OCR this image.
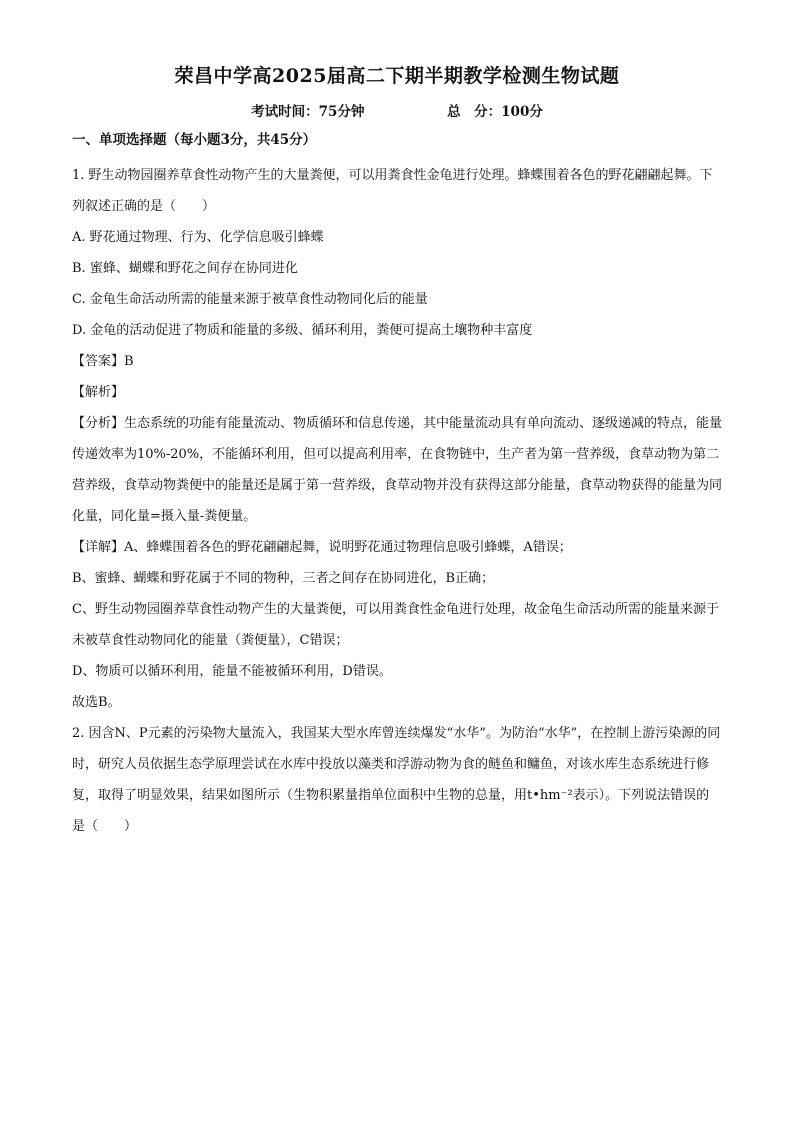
荣昌中学高2025届高二下期半期教学检测生物试题
考试时间：75分钟	总　分：100分
一、单项选择题（每小题3分，共45分）

1. 野生动物园圈养草食性动物产生的大量粪便，可以用粪食性金龟进行处理。蜂蝶围着各色的野花翩翩起舞。下列叙述正确的是（　　）

A. 野花通过物理、行为、化学信息吸引蜂蝶

B. 蜜蜂、蝴蝶和野花之间存在协同进化

C. 金龟生命活动所需的能量来源于被草食性动物同化后的能量

D. 金龟的活动促进了物质和能量的多级、循环利用，粪便可提高土壤物种丰富度

【答案】B

【解析】

【分析】生态系统的功能有能量流动、物质循环和信息传递，其中能量流动具有单向流动、逐级递减的特点，能量传递效率为10%-20%，不能循环利用，但可以提高利用率，在食物链中，生产者为第一营养级，食草动物为第二营养级，食草动物粪便中的能量还是属于第一营养级，食草动物并没有获得这部分能量，食草动物获得的能量为同化量，同化量=摄入量-粪便量。

【详解】A、蜂蝶围着各色的野花翩翩起舞，说明野花通过物理信息吸引蜂蝶，A错误；

B、蜜蜂、蝴蝶和野花属于不同的物种，三者之间存在协同进化，B正确；

C、野生动物园圈养草食性动物产生的大量粪便，可以用粪食性金龟进行处理，故金龟生命活动所需的能量来源于未被草食性动物同化的能量（粪便量），C错误；

D、物质可以循环利用，能量不能被循环利用，D错误。

故选B。

2. 因含N、P元素的污染物大量流入，我国某大型水库曾连续爆发“水华”。为防治“水华”，在控制上游污染源的同时，研究人员依据生态学原理尝试在水库中投放以藻类和浮游动物为食的鲢鱼和鳙鱼，对该水库生态系统进行修复，取得了明显效果，结果如图所示（生物积累量指单位面积中生物的总量，用t•hm⁻²表示）。下列说法错误的是（　　）
